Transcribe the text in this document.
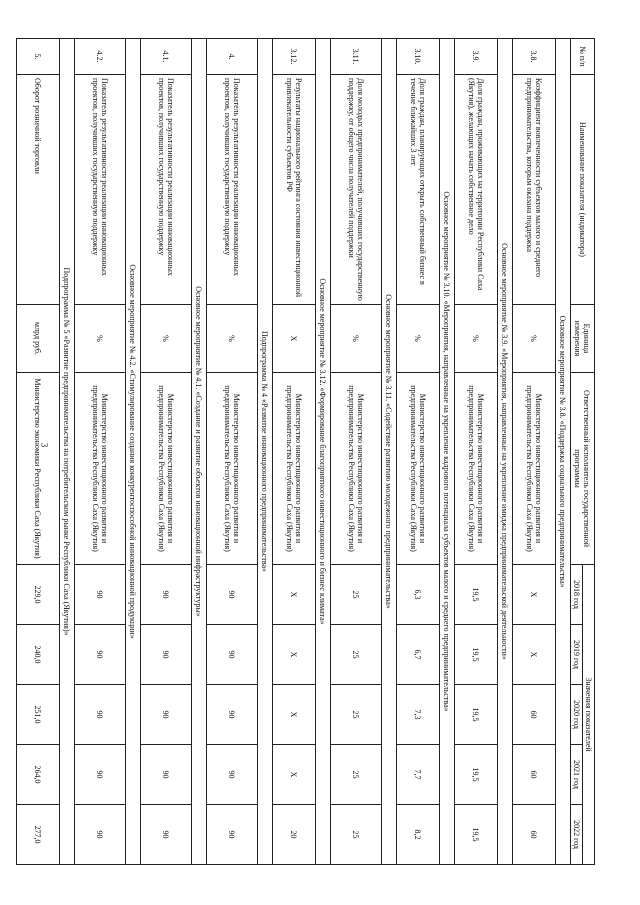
3
№ п/п	Наименование показателя (индикатора)	Единица измерения	Ответственный исполнитель государственной программы	Значения показателей				
				2018 год	2019 год	2020 год	2021 год	2022 год
Основное мероприятие № 3.8. «Поддержка социального предпринимательства»								
3.8.	Коэффициент вовлеченности субъектов малого и среднего предпринимательства, которым оказана поддержка	%	Министерство инвестиционного развития и предпринимательства Республики Саха (Якутия)	Х	Х	60	60	60
Основное мероприятие № 3.9. «Мероприятия, направленные на укрепление имиджа предпринимательской деятельности»								
3.9.	Доля граждан, проживающих на территории Республики Саха (Якутия), желающих начать собственное дело	%	Министерство инвестиционного развития и предпринимательства Республики Саха (Якутия)	19,5	19,5	19,5	19,5	19,5
Основное мероприятие № 3.10. «Мероприятия, направленные на укрепление кадрового потенциала субъектов малого и среднего предпринимательства»								
3.10.	Доля граждан, планирующих открыть собственный бизнес в течение ближайших 3 лет	%	Министерство инвестиционного развития и предпринимательства Республики Саха (Якутия)	6,3	6,7	7,3	7,7	8,2
Основное мероприятие № 3.11. «Содействие развитию молодежного предпринимательства»								
3.11.	Доля молодых предпринимателей, получивших государственную поддержку, от общего числа получателей поддержки	%	Министерство инвестиционного развития и предпринимательства Республики Саха (Якутия)	25	25	25	25	25
Основное мероприятие № 3.12. «Формирование благоприятного инвестиционного и бизнес климата»								
3.12.	Результаты национального рейтинга состояния инвестиционной привлекательности субъектов РФ	Х	Министерство инвестиционного развития и предпринимательства Республики Саха (Якутия)	Х	Х	Х	Х	20
Подпрограмма № 4 «Развитие инновационного предпринимательства»								
4.	Показатель результативности реализации инновационных проектов, получивших государственную поддержку	%	Министерство инвестиционного развития и предпринимательства Республики Саха (Якутия)	90	90	90	90	90
Основное мероприятие № 4.1. «Создание и развитие объектов инновационной инфраструктуры»								
4.1.	Показатель результативности реализации инновационных проектов, получивших государственную поддержку	%	Министерство инвестиционного развития и предпринимательства Республики Саха (Якутия)	90	90	90	90	90
Основное мероприятие № 4.2. «Стимулирование создания конкурентоспособной инновационной продукции»								
4.2.	Показатель результативности реализации инновационных проектов, получивших государственную поддержку	%	Министерство инвестиционного развития и предпринимательства Республики Саха (Якутия)	90	90	90	90	90
Подпрограмма № 5 «Развитие предпринимательства на потребительском рынке Республики Саха (Якутия)»								
5.	Оборот розничной торговли	млрд руб.	Министерство экономики Республики Саха (Якутия)	229,0	240,0	251,0	264,0	277,0
